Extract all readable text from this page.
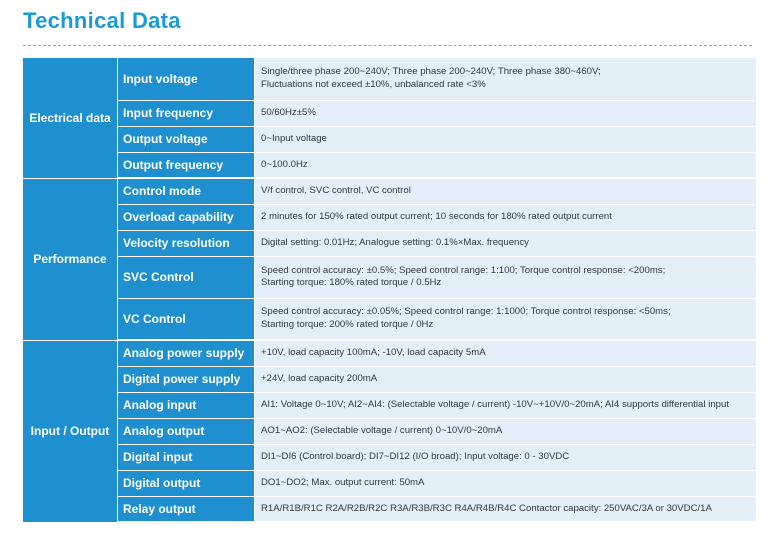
Technical Data
Electrical data	Input voltage	Single/three phase 200~240V; Three phase 200~240V; Three phase 380~460V;
Fluctuations not exceed ±10%, unbalanced rate <3%

	Input frequency	50/60Hz±5%

	Output voltage	0~Input voltage

	Output frequency	0~100.0Hz

Performance	Control mode	V/f control, SVC control, VC control

	Overload capability	2 minutes for 150% rated output current; 10 seconds for 180% rated output current

	Velocity resolution	Digital setting: 0.01Hz; Analogue setting: 0.1%×Max. frequency

	SVC Control	Speed control accuracy: ±0.5%; Speed control range: 1:100; Torque control response: <200ms;
Starting torque: 180% rated torque / 0.5Hz

	VC Control	Speed control accuracy: ±0.05%; Speed control range: 1:1000; Torque control response: <50ms;
Starting torque: 200% rated torque / 0Hz

Input / Output	Analog power supply	+10V, load capacity 100mA; -10V, load capacity 5mA

	Digital power supply	+24V, load capacity 200mA

	Analog input	AI1: Voltage 0~10V; AI2~AI4: (Selectable voltage / current) -10V~+10V/0~20mA; AI4 supports differential input

	Analog output	AO1~AO2: (Selectable voltage / current) 0~10V/0~20mA

	Digital input	DI1~DI6 (Control board); DI7~DI12 (I/O broad); Input voltage: 0 - 30VDC

	Digital output	DO1~DO2; Max. output current: 50mA

	Relay output	R1A/R1B/R1C R2A/R2B/R2C R3A/R3B/R3C R4A/R4B/R4C Contactor capacity: 250VAC/3A or 30VDC/1A
